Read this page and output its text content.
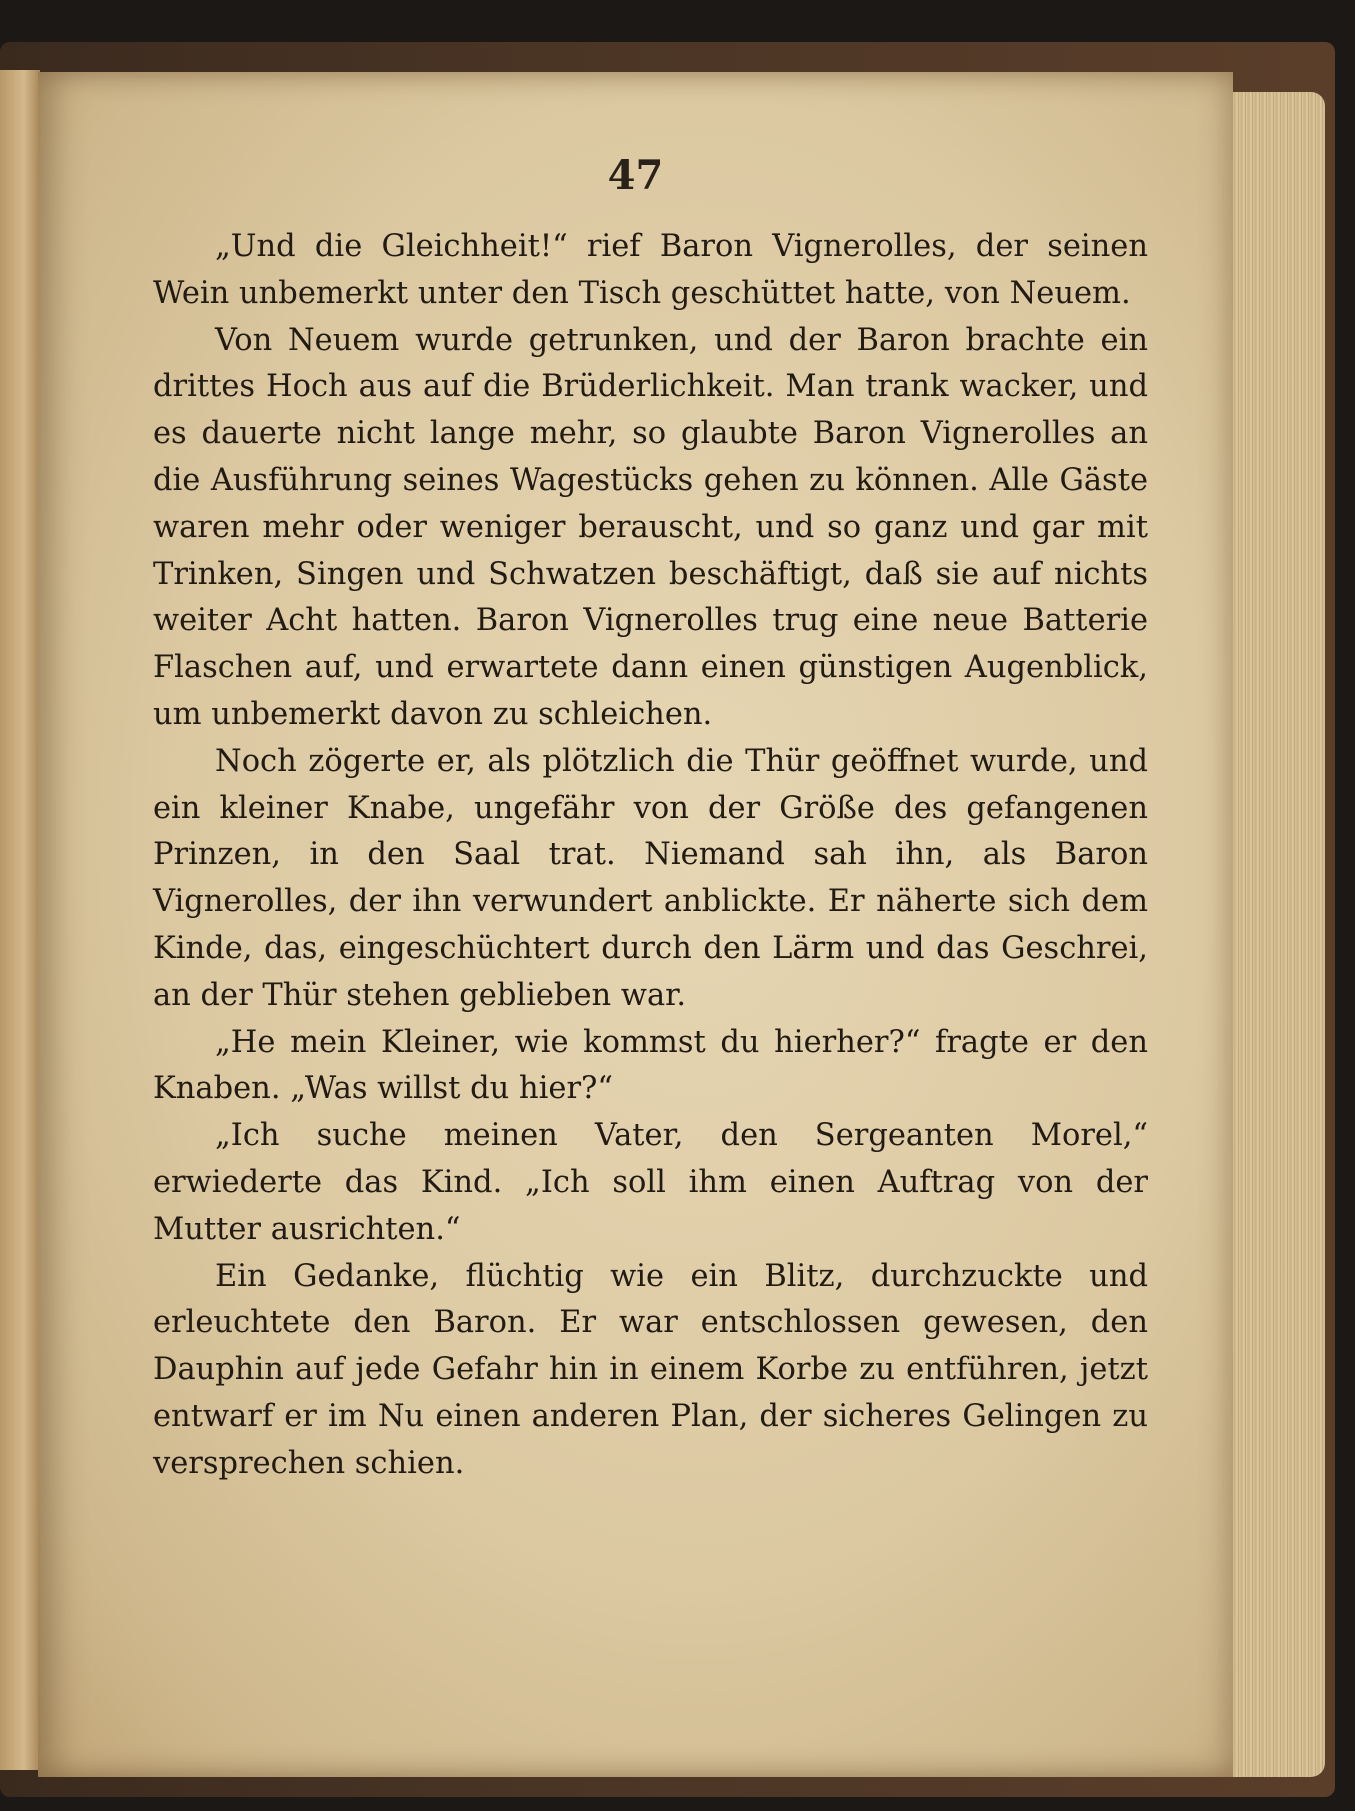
47

„Und die Gleichheit!“ rief Baron Vignerolles, der seinen Wein unbemerkt unter den Tisch geschüttet hatte, von Neuem.

Von Neuem wurde getrunken, und der Baron brachte ein drittes Hoch aus auf die Brüderlichkeit. Man trank wacker, und es dauerte nicht lange mehr, so glaubte Baron Vignerolles an die Ausführung seines Wagestücks gehen zu können. Alle Gäste waren mehr oder weniger berauscht, und so ganz und gar mit Trinken, Singen und Schwatzen beschäftigt, daß sie auf nichts weiter Acht hatten. Baron Vignerolles trug eine neue Batterie Flaschen auf, und erwartete dann einen günstigen Augenblick, um unbemerkt davon zu schleichen.

Noch zögerte er, als plötzlich die Thür geöffnet wurde, und ein kleiner Knabe, ungefähr von der Größe des gefangenen Prinzen, in den Saal trat. Niemand sah ihn, als Baron Vignerolles, der ihn verwundert anblickte. Er näherte sich dem Kinde, das, eingeschüchtert durch den Lärm und das Geschrei, an der Thür stehen geblieben war.

„He mein Kleiner, wie kommst du hierher?“ fragte er den Knaben. „Was willst du hier?“

„Ich suche meinen Vater, den Sergeanten Morel,“ erwiederte das Kind. „Ich soll ihm einen Auftrag von der Mutter ausrichten.“

Ein Gedanke, flüchtig wie ein Blitz, durchzuckte und erleuchtete den Baron. Er war entschlossen gewesen, den Dauphin auf jede Gefahr hin in einem Korbe zu entführen, jetzt entwarf er im Nu einen anderen Plan, der sicheres Gelingen zu versprechen schien.
